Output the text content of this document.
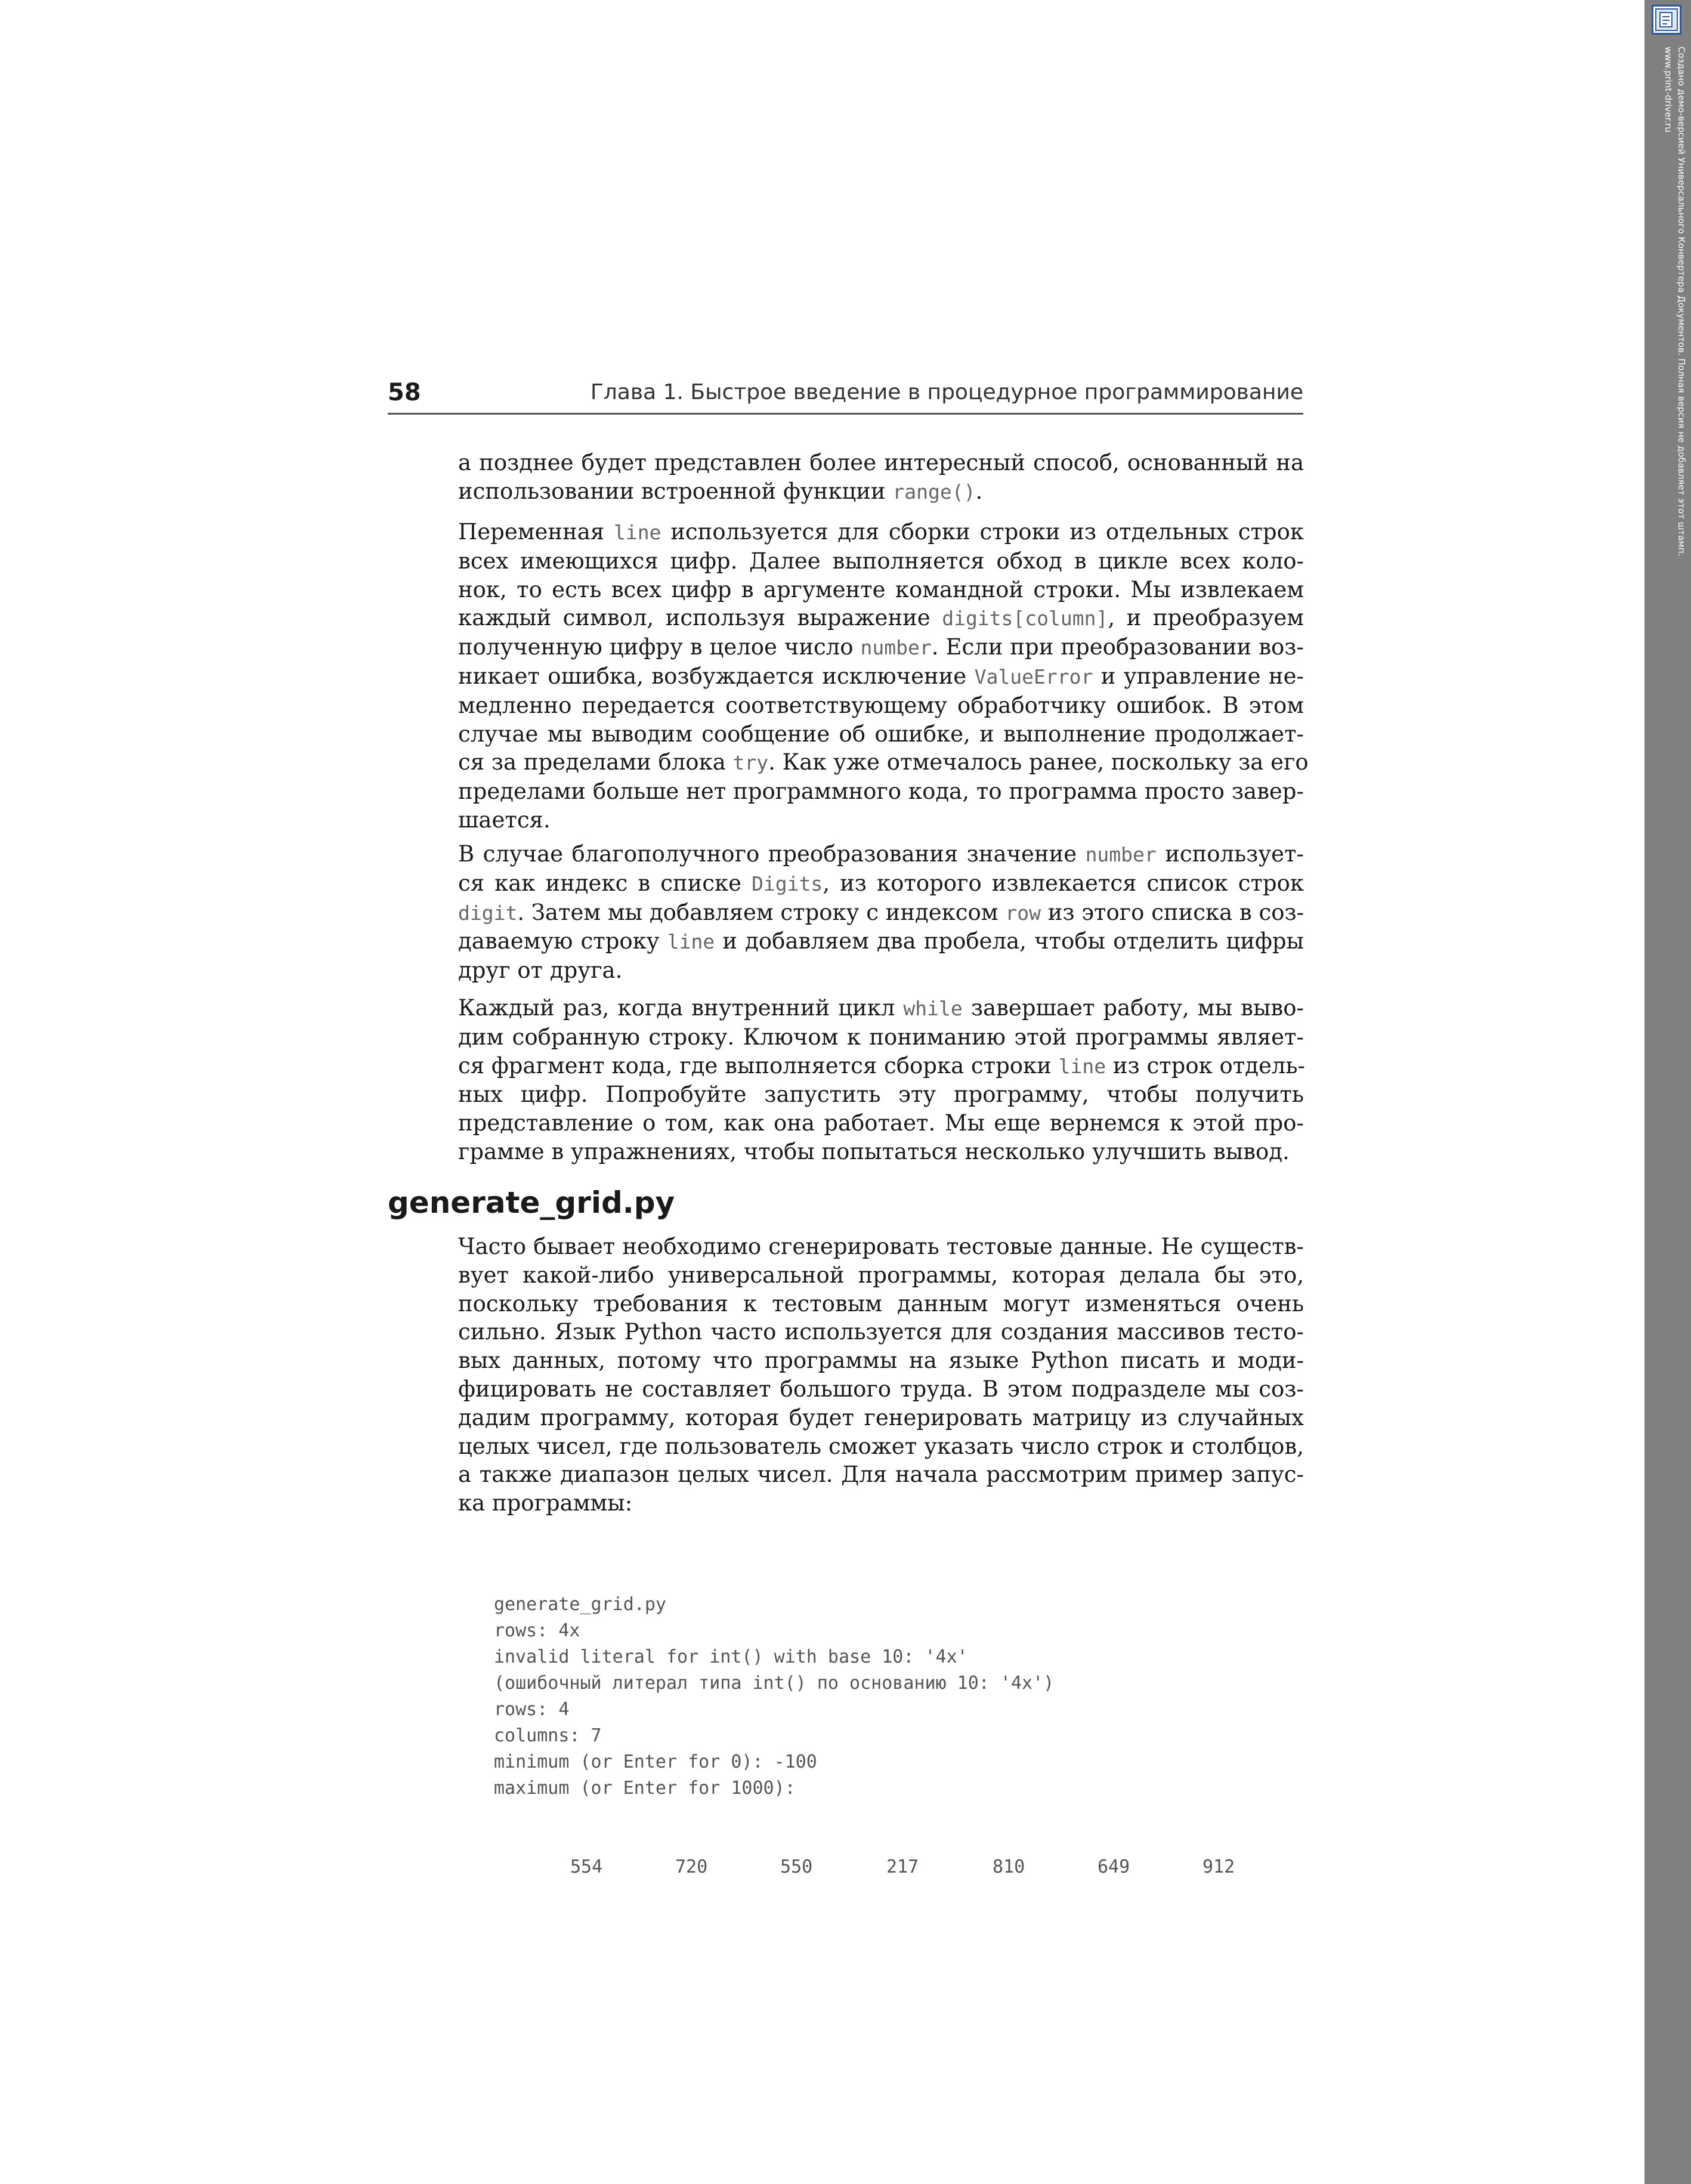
58	Глава 1. Быстрое введение в процедурное программирование

а позднее будет представлен более интересный способ, основанный на
использовании встроенной функции range().

Переменная line используется для сборки строки из отдельных строк
всех имеющихся цифр. Далее выполняется обход в цикле всех коло-
нок, то есть всех цифр в аргументе командной строки. Мы извлекаем
каждый символ, используя выражение digits[column], и преобразуем
полученную цифру в целое число number. Если при преобразовании воз-
никает ошибка, возбуждается исключение ValueError и управление не-
медленно передается соответствующему обработчику ошибок. В этом
случае мы выводим сообщение об ошибке, и выполнение продолжает-
ся за пределами блока try. Как уже отмечалось ранее, поскольку за его
пределами больше нет программного кода, то программа просто завер-
шается.

В случае благополучного преобразования значение number использует-
ся как индекс в списке Digits, из которого извлекается список строк
digit. Затем мы добавляем строку с индексом row из этого списка в соз-
даваемую строку line и добавляем два пробела, чтобы отделить цифры
друг от друга.

Каждый раз, когда внутренний цикл while завершает работу, мы выво-
дим собранную строку. Ключом к пониманию этой программы являет-
ся фрагмент кода, где выполняется сборка строки line из строк отдель-
ных цифр. Попробуйте запустить эту программу, чтобы получить
представление о том, как она работает. Мы еще вернемся к этой про-
грамме в упражнениях, чтобы попытаться несколько улучшить вывод.

generate_grid.py

Часто бывает необходимо сгенерировать тестовые данные. Не существ-
вует какой-либо универсальной программы, которая делала бы это,
поскольку требования к тестовым данным могут изменяться очень
сильно. Язык Python часто используется для создания массивов тесто-
вых данных, потому что программы на языке Python писать и моди-
фицировать не составляет большого труда. В этом подразделе мы соз-
дадим программу, которая будет генерировать матрицу из случайных
целых чисел, где пользователь сможет указать число строк и столбцов,
а также диапазон целых чисел. Для начала рассмотрим пример запус-
ка программы:

generate_grid.py
rows: 4x
invalid literal for int() with base 10: '4x'
(ошибочный литерал типа int() по основанию 10: '4x')
rows: 4
columns: 7
minimum (or Enter for 0): -100
maximum (or Enter for 1000):

554	720	550	217	810	649	912

Создано демо-версией Универсального Конвертера Документов. Полная версия не добавляет этот штамп.
www.print-driver.ru
